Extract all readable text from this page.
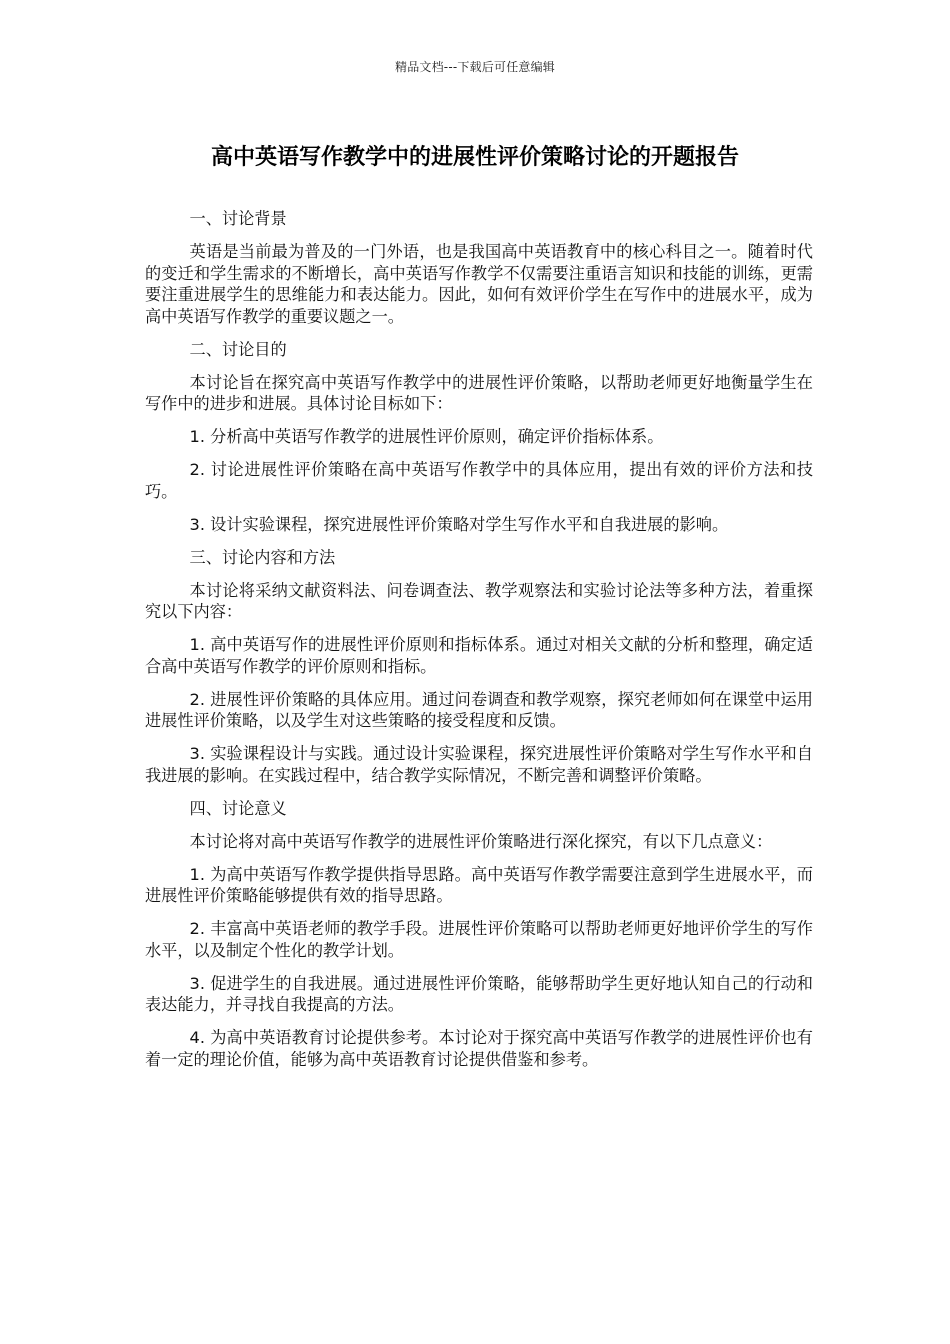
精品文档---下载后可任意编辑
高中英语写作教学中的进展性评价策略讨论的开题报告

一、讨论背景

英语是当前最为普及的一门外语，也是我国高中英语教育中的核心科目之一。随着时代的变迁和学生需求的不断增长，高中英语写作教学不仅需要注重语言知识和技能的训练，更需要注重进展学生的思维能力和表达能力。因此，如何有效评价学生在写作中的进展水平，成为高中英语写作教学的重要议题之一。

二、讨论目的

本讨论旨在探究高中英语写作教学中的进展性评价策略，以帮助老师更好地衡量学生在写作中的进步和进展。具体讨论目标如下：

1. 分析高中英语写作教学的进展性评价原则，确定评价指标体系。

2. 讨论进展性评价策略在高中英语写作教学中的具体应用，提出有效的评价方法和技巧。

3. 设计实验课程，探究进展性评价策略对学生写作水平和自我进展的影响。

三、讨论内容和方法

本讨论将采纳文献资料法、问卷调查法、教学观察法和实验讨论法等多种方法，着重探究以下内容：

1. 高中英语写作的进展性评价原则和指标体系。通过对相关文献的分析和整理，确定适合高中英语写作教学的评价原则和指标。

2. 进展性评价策略的具体应用。通过问卷调查和教学观察，探究老师如何在课堂中运用进展性评价策略，以及学生对这些策略的接受程度和反馈。

3. 实验课程设计与实践。通过设计实验课程，探究进展性评价策略对学生写作水平和自我进展的影响。在实践过程中，结合教学实际情况，不断完善和调整评价策略。

四、讨论意义

本讨论将对高中英语写作教学的进展性评价策略进行深化探究，有以下几点意义：

1. 为高中英语写作教学提供指导思路。高中英语写作教学需要注意到学生进展水平，而进展性评价策略能够提供有效的指导思路。

2. 丰富高中英语老师的教学手段。进展性评价策略可以帮助老师更好地评价学生的写作水平，以及制定个性化的教学计划。

3. 促进学生的自我进展。通过进展性评价策略，能够帮助学生更好地认知自己的行动和表达能力，并寻找自我提高的方法。

4. 为高中英语教育讨论提供参考。本讨论对于探究高中英语写作教学的进展性评价也有着一定的理论价值，能够为高中英语教育讨论提供借鉴和参考。
